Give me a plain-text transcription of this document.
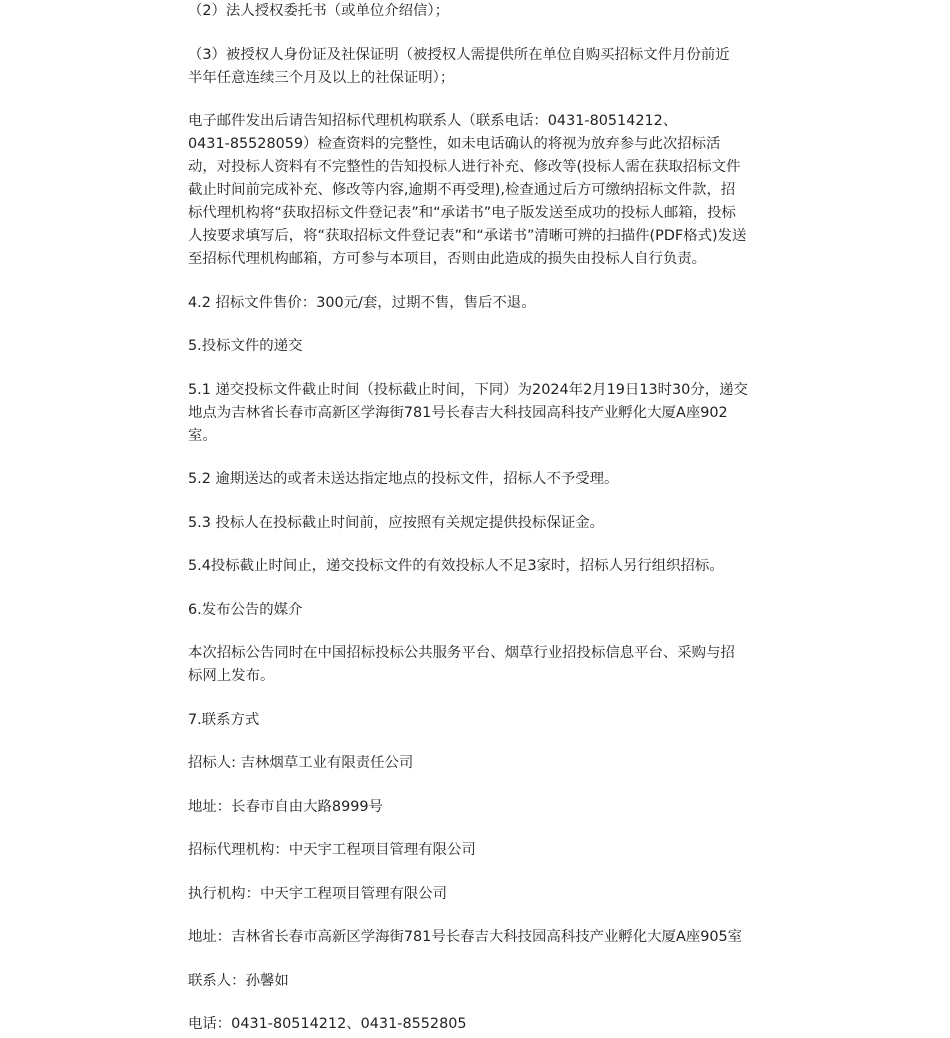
（2）法人授权委托书（或单位介绍信）；

（3）被授权人身份证及社保证明（被授权人需提供所在单位自购买招标文件月份前近

半年任意连续三个月及以上的社保证明）；

电子邮件发出后请告知招标代理机构联系人（联系电话：0431-80514212、

0431-85528059）检查资料的完整性，如未电话确认的将视为放弃参与此次招标活

动，对投标人资料有不完整性的告知投标人进行补充、修改等(投标人需在获取招标文件

截止时间前完成补充、修改等内容,逾期不再受理),检查通过后方可缴纳招标文件款，招

标代理机构将“获取招标文件登记表”和“承诺书”电子版发送至成功的投标人邮箱，投标

人按要求填写后，将“获取招标文件登记表”和“承诺书”清晰可辨的扫描件(PDF格式)发送

至招标代理机构邮箱，方可参与本项目，否则由此造成的损失由投标人自行负责。

4.2 招标文件售价：300元/套，过期不售，售后不退。

5.投标文件的递交

5.1 递交投标文件截止时间（投标截止时间，下同）为2024年2月19日13时30分，递交

地点为吉林省长春市高新区学海街781号长春吉大科技园高科技产业孵化大厦A座902

室。

5.2 逾期送达的或者未送达指定地点的投标文件，招标人不予受理。

5.3 投标人在投标截止时间前，应按照有关规定提供投标保证金。

5.4投标截止时间止，递交投标文件的有效投标人不足3家时，招标人另行组织招标。

6.发布公告的媒介

本次招标公告同时在中国招标投标公共服务平台、烟草行业招投标信息平台、采购与招

标网上发布。

7.联系方式

招标人: 吉林烟草工业有限责任公司

地址：长春市自由大路8999号

招标代理机构：中天宇工程项目管理有限公司

执行机构：中天宇工程项目管理有限公司

地址：吉林省长春市高新区学海街781号长春吉大科技园高科技产业孵化大厦A座905室

联系人：孙馨如

电话：0431-80514212、0431-8552805
